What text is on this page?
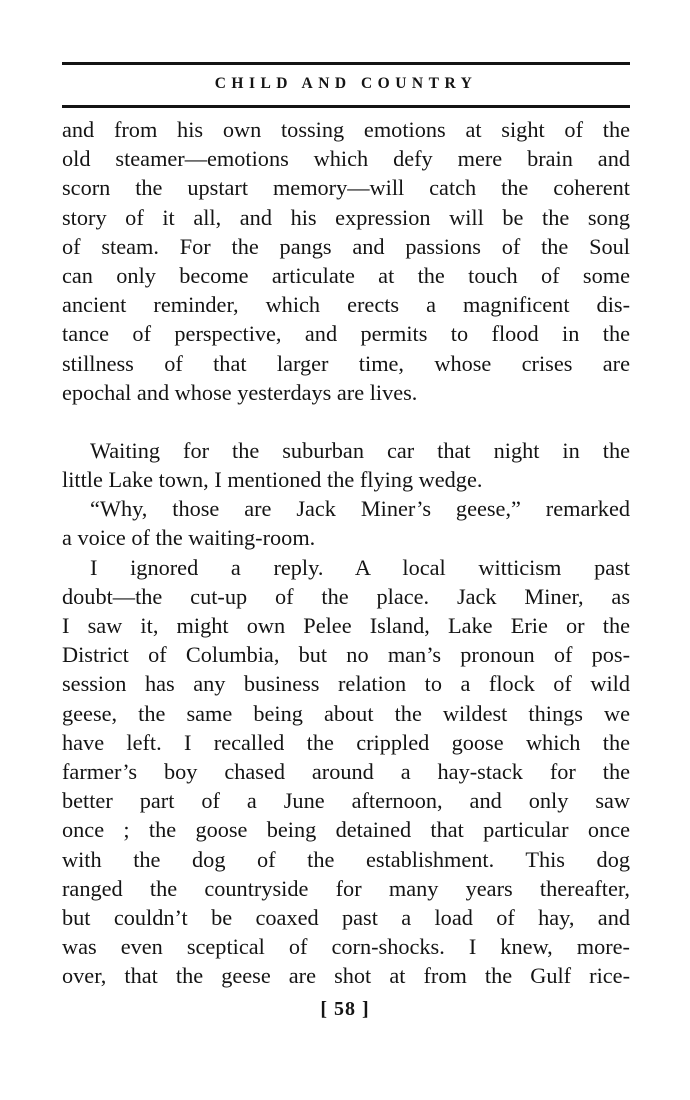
CHILD AND COUNTRY
and from his own tossing emotions at sight of the
old steamer—emotions which defy mere brain and
scorn the upstart memory—will catch the coherent
story of it all, and his expression will be the song
of steam. For the pangs and passions of the Soul
can only become articulate at the touch of some
ancient reminder, which erects a magnificent dis-
tance of perspective, and permits to flood in the
stillness of that larger time, whose crises are
epochal and whose yesterdays are lives.
Waiting for the suburban car that night in the
little Lake town, I mentioned the flying wedge.
“Why, those are Jack Miner’s geese,” remarked
a voice of the waiting-room.
I ignored a reply. A local witticism past
doubt—the cut-up of the place. Jack Miner, as
I saw it, might own Pelee Island, Lake Erie or the
District of Columbia, but no man’s pronoun of pos-
session has any business relation to a flock of wild
geese, the same being about the wildest things we
have left. I recalled the crippled goose which the
farmer’s boy chased around a hay-stack for the
better part of a June afternoon, and only saw
once ; the goose being detained that particular once
with the dog of the establishment. This dog
ranged the countryside for many years thereafter,
but couldn’t be coaxed past a load of hay, and
was even sceptical of corn-shocks. I knew, more-
over, that the geese are shot at from the Gulf rice-
[ 58 ]
